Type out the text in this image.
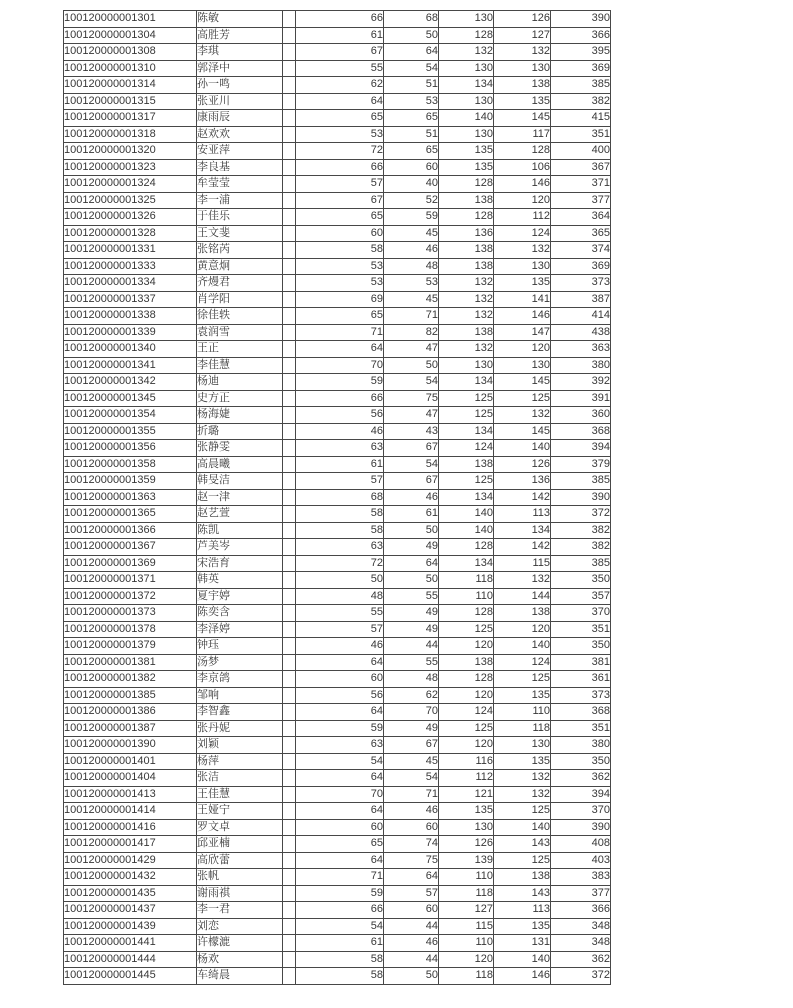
100120000001301	陈敏		66	68	130	126	390
100120000001304	高胜芳		61	50	128	127	366
100120000001308	李琪		67	64	132	132	395
100120000001310	郭泽中		55	54	130	130	369
100120000001314	孙一鸣		62	51	134	138	385
100120000001315	张亚川		64	53	130	135	382
100120000001317	康雨辰		65	65	140	145	415
100120000001318	赵欢欢		53	51	130	117	351
100120000001320	安亚萍		72	65	135	128	400
100120000001323	李良基		66	60	135	106	367
100120000001324	牟莹莹		57	40	128	146	371
100120000001325	李一浦		67	52	138	120	377
100120000001326	于佳乐		65	59	128	112	364
100120000001328	王文斐		60	45	136	124	365
100120000001331	张铭芮		58	46	138	132	374
100120000001333	黄意炯		53	48	138	130	369
100120000001334	齐熳君		53	53	132	135	373
100120000001337	肖学阳		69	45	132	141	387
100120000001338	徐佳轶		65	71	132	146	414
100120000001339	袁润雪		71	82	138	147	438
100120000001340	王正		64	47	132	120	363
100120000001341	李佳慧		70	50	130	130	380
100120000001342	杨迪		59	54	134	145	392
100120000001345	史方正		66	75	125	125	391
100120000001354	杨海婕		56	47	125	132	360
100120000001355	折璐		46	43	134	145	368
100120000001356	张静雯		63	67	124	140	394
100120000001358	高晨曦		61	54	138	126	379
100120000001359	韩旻洁		57	67	125	136	385
100120000001363	赵一津		68	46	134	142	390
100120000001365	赵艺萱		58	61	140	113	372
100120000001366	陈凯		58	50	140	134	382
100120000001367	芦美岑		63	49	128	142	382
100120000001369	宋浩育		72	64	134	115	385
100120000001371	韩英		50	50	118	132	350
100120000001372	夏宇婷		48	55	110	144	357
100120000001373	陈奕含		55	49	128	138	370
100120000001378	李泽婷		57	49	125	120	351
100120000001379	钟珏		46	44	120	140	350
100120000001381	汤梦		64	55	138	124	381
100120000001382	李京鸽		60	48	128	125	361
100120000001385	邹响		56	62	120	135	373
100120000001386	李智鑫		64	70	124	110	368
100120000001387	张丹妮		59	49	125	118	351
100120000001390	刘颖		63	67	120	130	380
100120000001401	杨萍		54	45	116	135	350
100120000001404	张洁		64	54	112	132	362
100120000001413	王佳慧		70	71	121	132	394
100120000001414	王娅宁		64	46	135	125	370
100120000001416	罗文卓		60	60	130	140	390
100120000001417	邱亚楠		65	74	126	143	408
100120000001429	高欣蕾		64	75	139	125	403
100120000001432	张帆		71	64	110	138	383
100120000001435	谢雨祺		59	57	118	143	377
100120000001437	李一君		66	60	127	113	366
100120000001439	刘恋		54	44	115	135	348
100120000001441	许檬漉		61	46	110	131	348
100120000001444	杨欢		58	44	120	140	362
100120000001445	车绮晨		58	50	118	146	372
